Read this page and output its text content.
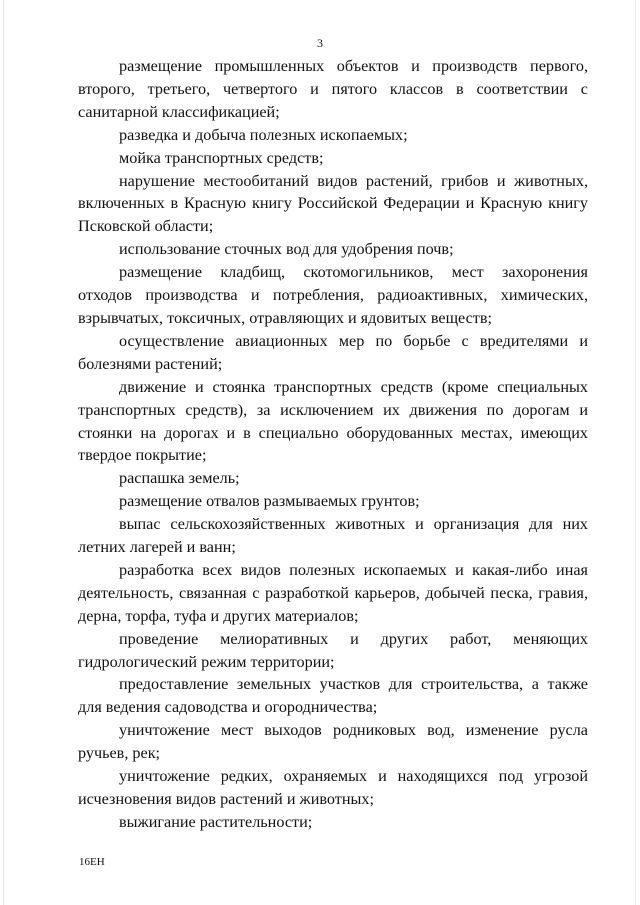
3

размещение промышленных объектов и производств первого, второго, третьего, четвертого и пятого классов в соответствии с санитарной классификацией;

разведка и добыча полезных ископаемых;

мойка транспортных средств;

нарушение местообитаний видов растений, грибов и животных, включенных в Красную книгу Российской Федерации и Красную книгу Псковской области;

использование сточных вод для удобрения почв;

размещение кладбищ, скотомогильников, мест захоронения отходов производства и потребления, радиоактивных, химических, взрывчатых, токсичных, отравляющих и ядовитых веществ;

осуществление авиационных мер по борьбе с вредителями и болезнями растений;

движение и стоянка транспортных средств (кроме специальных транспортных средств), за исключением их движения по дорогам и стоянки на дорогах и в специально оборудованных местах, имеющих твердое покрытие;

распашка земель;

размещение отвалов размываемых грунтов;

выпас сельскохозяйственных животных и организация для них летних лагерей и ванн;

разработка всех видов полезных ископаемых и какая-либо иная деятельность, связанная с разработкой карьеров, добычей песка, гравия, дерна, торфа, туфа и других материалов;

проведение мелиоративных и других работ, меняющих гидрологический режим территории;

предоставление земельных участков для строительства, а также для ведения садоводства и огородничества;

уничтожение мест выходов родниковых вод, изменение русла ручьев, рек;

уничтожение редких, охраняемых и находящихся под угрозой исчезновения видов растений и животных;

выжигание растительности;

16EH
